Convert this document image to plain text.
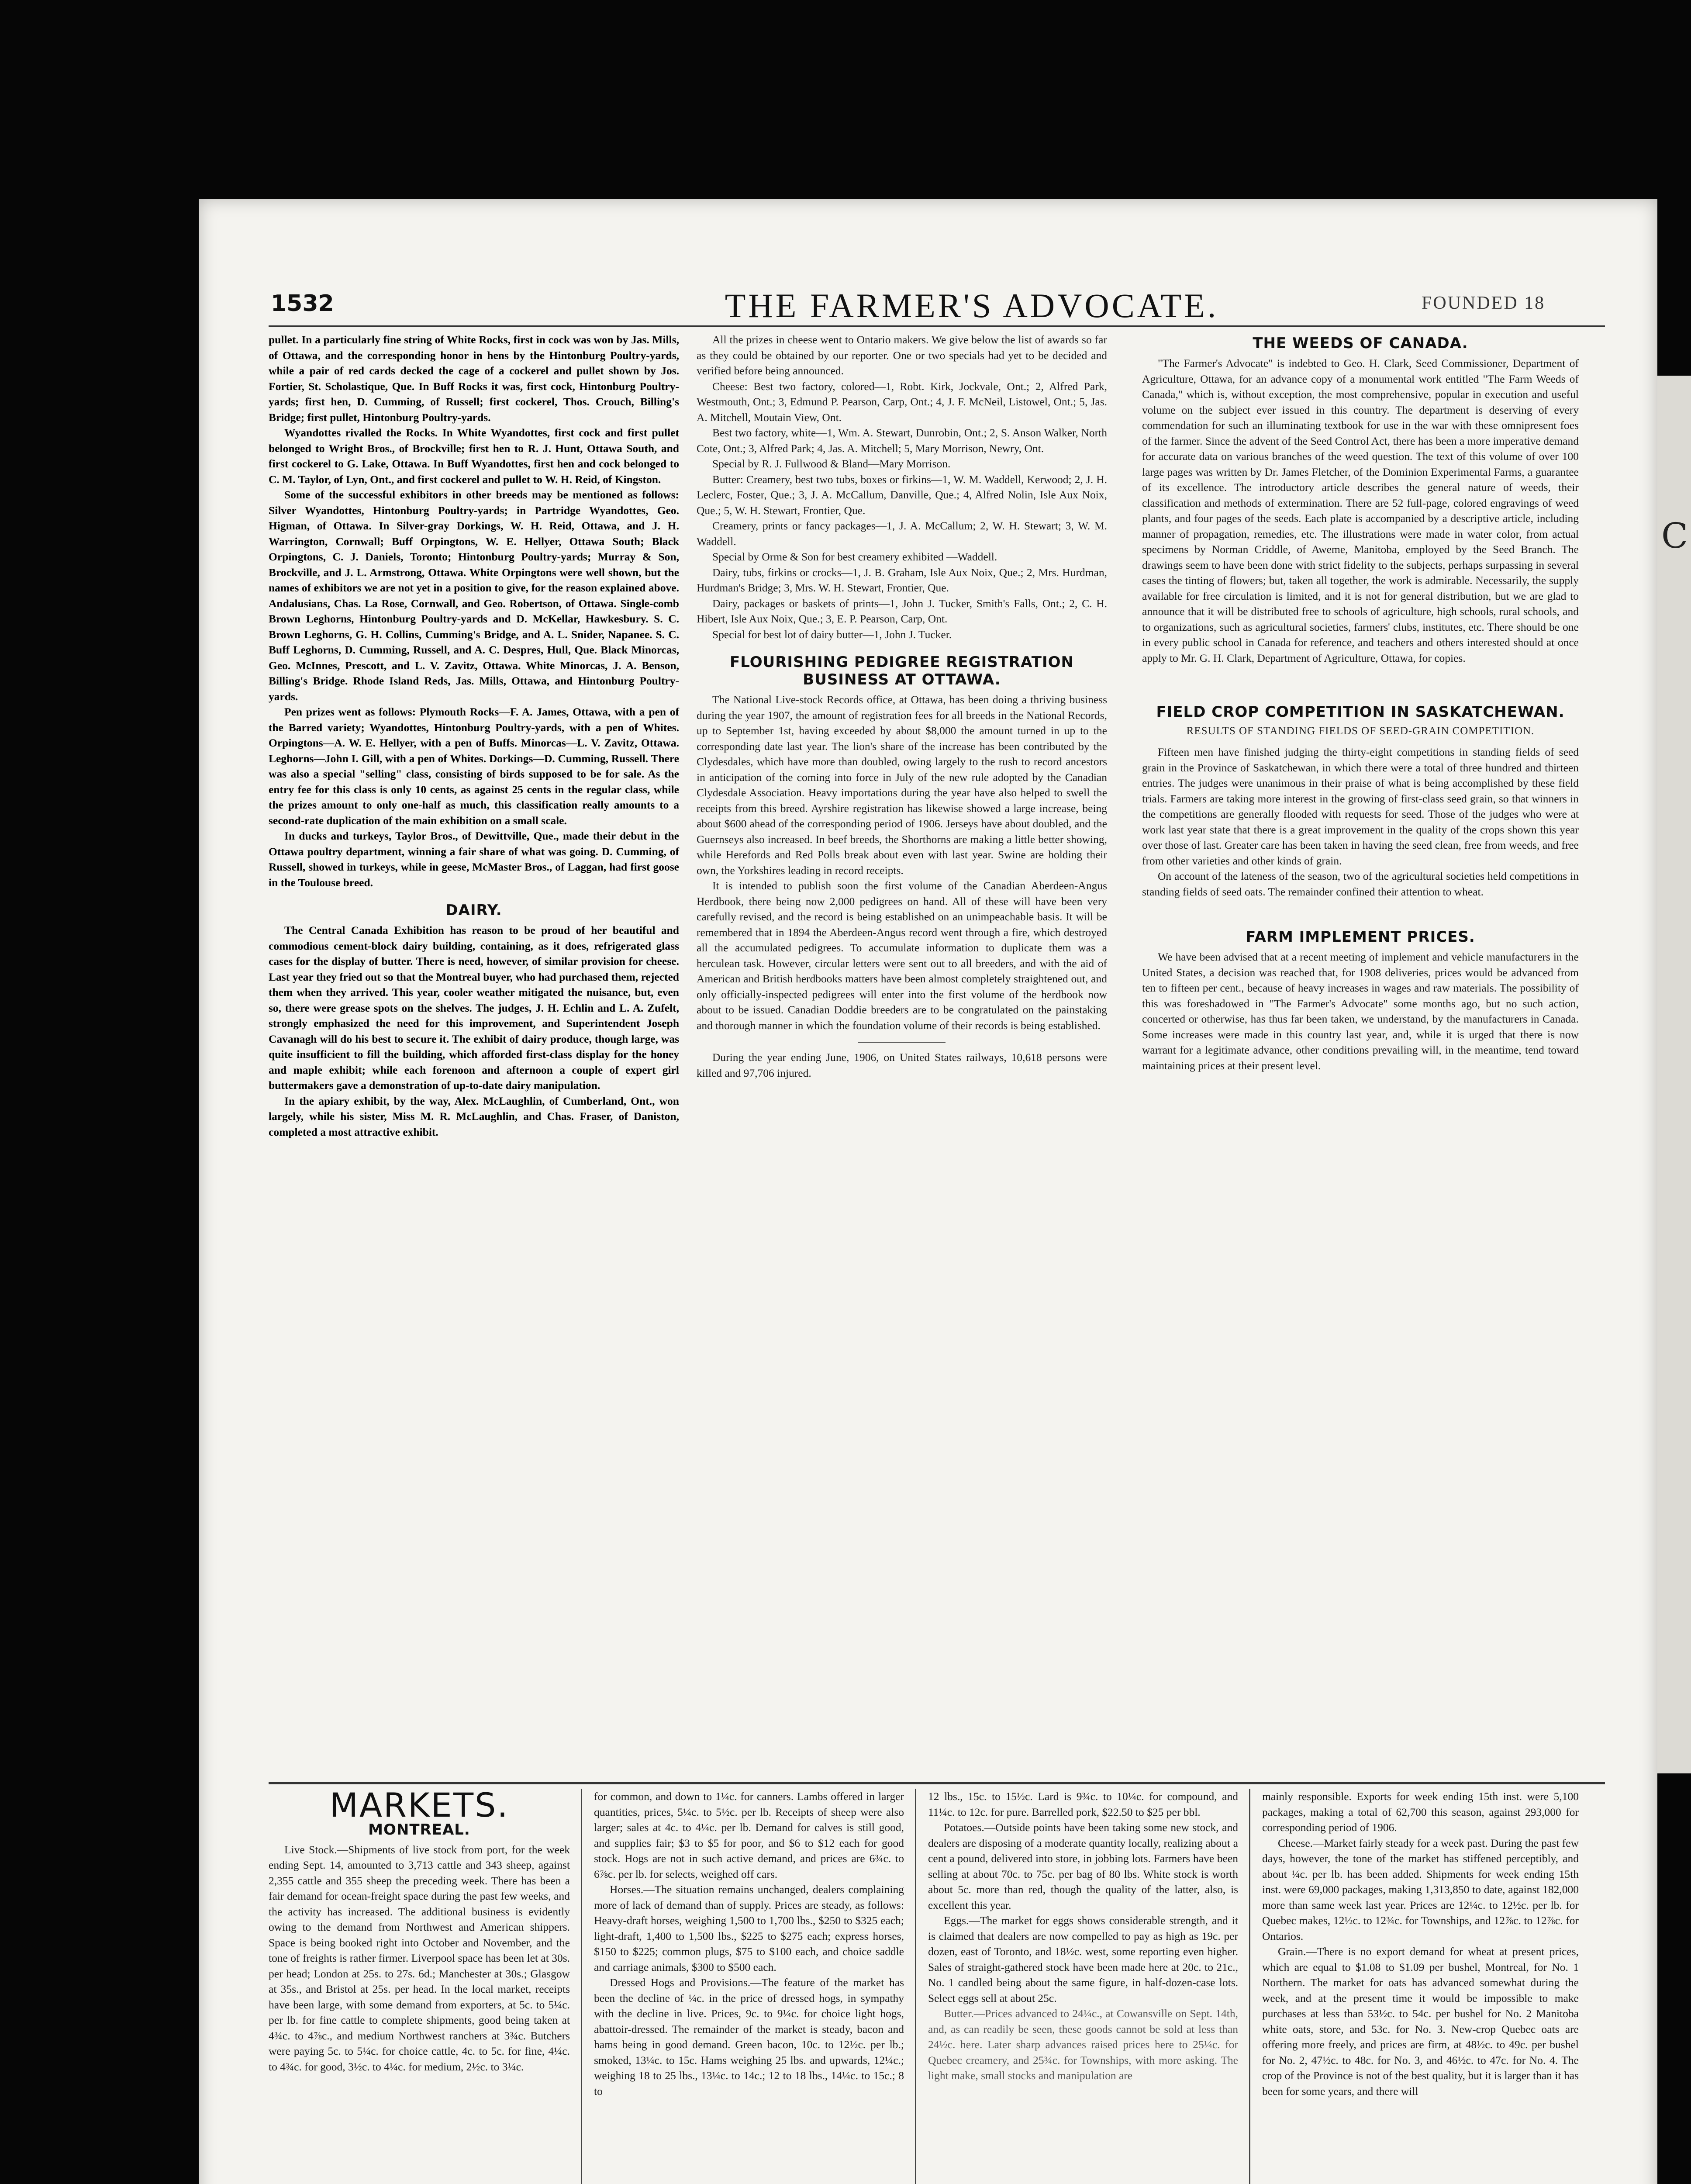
C
1532	THE FARMER'S ADVOCATE.	FOUNDED 18

pullet. In a particularly fine string of White Rocks, first in cock was won by Jas. Mills, of Ottawa, and the corresponding honor in hens by the Hintonburg Poultry-yards, while a pair of red cards decked the cage of a cockerel and pullet shown by Jos. Fortier, St. Scholastique, Que. In Buff Rocks it was, first cock, Hintonburg Poultry-yards; first hen, D. Cumming, of Russell; first cockerel, Thos. Crouch, Billing's Bridge; first pullet, Hintonburg Poultry-yards.

Wyandottes rivalled the Rocks. In White Wyandottes, first cock and first pullet belonged to Wright Bros., of Brockville; first hen to R. J. Hunt, Ottawa South, and first cockerel to G. Lake, Ottawa. In Buff Wyandottes, first hen and cock belonged to C. M. Taylor, of Lyn, Ont., and first cockerel and pullet to W. H. Reid, of Kingston.

Some of the successful exhibitors in other breeds may be mentioned as follows: Silver Wyandottes, Hintonburg Poultry-yards; in Partridge Wyandottes, Geo. Higman, of Ottawa. In Silver-gray Dorkings, W. H. Reid, Ottawa, and J. H. Warrington, Cornwall; Buff Orpingtons, W. E. Hellyer, Ottawa South; Black Orpingtons, C. J. Daniels, Toronto; Hintonburg Poultry-yards; Murray & Son, Brockville, and J. L. Armstrong, Ottawa. White Orpingtons were well shown, but the names of exhibitors we are not yet in a position to give, for the reason explained above. Andalusians, Chas. La Rose, Cornwall, and Geo. Robertson, of Ottawa. Single-comb Brown Leghorns, Hintonburg Poultry-yards and D. McKellar, Hawkesbury. S. C. Brown Leghorns, G. H. Collins, Cumming's Bridge, and A. L. Snider, Napanee. S. C. Buff Leghorns, D. Cumming, Russell, and A. C. Despres, Hull, Que. Black Minorcas, Geo. McInnes, Prescott, and L. V. Zavitz, Ottawa. White Minorcas, J. A. Benson, Billing's Bridge. Rhode Island Reds, Jas. Mills, Ottawa, and Hintonburg Poultry-yards.

Pen prizes went as follows: Plymouth Rocks—F. A. James, Ottawa, with a pen of the Barred variety; Wyandottes, Hintonburg Poultry-yards, with a pen of Whites. Orpingtons—A. W. E. Hellyer, with a pen of Buffs. Minorcas—L. V. Zavitz, Ottawa. Leghorns—John I. Gill, with a pen of Whites. Dorkings—D. Cumming, Russell. There was also a special "selling" class, consisting of birds supposed to be for sale. As the entry fee for this class is only 10 cents, as against 25 cents in the regular class, while the prizes amount to only one-half as much, this classification really amounts to a second-rate duplication of the main exhibition on a small scale.

In ducks and turkeys, Taylor Bros., of Dewittville, Que., made their debut in the Ottawa poultry department, winning a fair share of what was going. D. Cumming, of Russell, showed in turkeys, while in geese, McMaster Bros., of Laggan, had first goose in the Toulouse breed.

DAIRY.

The Central Canada Exhibition has reason to be proud of her beautiful and commodious cement-block dairy building, containing, as it does, refrigerated glass cases for the display of butter. There is need, however, of similar provision for cheese. Last year they fried out so that the Montreal buyer, who had purchased them, rejected them when they arrived. This year, cooler weather mitigated the nuisance, but, even so, there were grease spots on the shelves. The judges, J. H. Echlin and L. A. Zufelt, strongly emphasized the need for this improvement, and Superintendent Joseph Cavanagh will do his best to secure it. The exhibit of dairy produce, though large, was quite insufficient to fill the building, which afforded first-class display for the honey and maple exhibit; while each forenoon and afternoon a couple of expert girl buttermakers gave a demonstration of up-to-date dairy manipulation.

In the apiary exhibit, by the way, Alex. McLaughlin, of Cumberland, Ont., won largely, while his sister, Miss M. R. McLaughlin, and Chas. Fraser, of Daniston, completed a most attractive exhibit.

All the prizes in cheese went to Ontario makers. We give below the list of awards so far as they could be obtained by our reporter. One or two specials had yet to be decided and verified before being announced.

Cheese: Best two factory, colored—1, Robt. Kirk, Jockvale, Ont.; 2, Alfred Park, Westmouth, Ont.; 3, Edmund P. Pearson, Carp, Ont.; 4, J. F. McNeil, Listowel, Ont.; 5, Jas. A. Mitchell, Moutain View, Ont.

Best two factory, white—1, Wm. A. Stewart, Dunrobin, Ont.; 2, S. Anson Walker, North Cote, Ont.; 3, Alfred Park; 4, Jas. A. Mitchell; 5, Mary Morrison, Newry, Ont.

Special by R. J. Fullwood & Bland—Mary Morrison.

Butter: Creamery, best two tubs, boxes or firkins—1, W. M. Waddell, Kerwood; 2, J. H. Leclerc, Foster, Que.; 3, J. A. McCallum, Danville, Que.; 4, Alfred Nolin, Isle Aux Noix, Que.; 5, W. H. Stewart, Frontier, Que.

Creamery, prints or fancy packages—1, J. A. McCallum; 2, W. H. Stewart; 3, W. M. Waddell.

Special by Orme & Son for best creamery exhibited —Waddell.

Dairy, tubs, firkins or crocks—1, J. B. Graham, Isle Aux Noix, Que.; 2, Mrs. Hurdman, Hurdman's Bridge; 3, Mrs. W. H. Stewart, Frontier, Que.

Dairy, packages or baskets of prints—1, John J. Tucker, Smith's Falls, Ont.; 2, C. H. Hibert, Isle Aux Noix, Que.; 3, E. P. Pearson, Carp, Ont.

Special for best lot of dairy butter—1, John J. Tucker.

FLOURISHING PEDIGREE REGISTRATION BUSINESS AT OTTAWA.

The National Live-stock Records office, at Ottawa, has been doing a thriving business during the year 1907, the amount of registration fees for all breeds in the National Records, up to September 1st, having exceeded by about $8,000 the amount turned in up to the corresponding date last year. The lion's share of the increase has been contributed by the Clydesdales, which have more than doubled, owing largely to the rush to record ancestors in anticipation of the coming into force in July of the new rule adopted by the Canadian Clydesdale Association. Heavy importations during the year have also helped to swell the receipts from this breed. Ayrshire registration has likewise showed a large increase, being about $600 ahead of the corresponding period of 1906. Jerseys have about doubled, and the Guernseys also increased. In beef breeds, the Shorthorns are making a little better showing, while Herefords and Red Polls break about even with last year. Swine are holding their own, the Yorkshires leading in record receipts.

It is intended to publish soon the first volume of the Canadian Aberdeen-Angus Herdbook, there being now 2,000 pedigrees on hand. All of these will have been very carefully revised, and the record is being established on an unimpeachable basis. It will be remembered that in 1894 the Aberdeen-Angus record went through a fire, which destroyed all the accumulated pedigrees. To accumulate information to duplicate them was a herculean task. However, circular letters were sent out to all breeders, and with the aid of American and British herdbooks matters have been almost completely straightened out, and only officially-inspected pedigrees will enter into the first volume of the herdbook now about to be issued. Canadian Doddie breeders are to be congratulated on the painstaking and thorough manner in which the foundation volume of their records is being established.

During the year ending June, 1906, on United States railways, 10,618 persons were killed and 97,706 injured.

THE WEEDS OF CANADA.

"The Farmer's Advocate" is indebted to Geo. H. Clark, Seed Commissioner, Department of Agriculture, Ottawa, for an advance copy of a monumental work entitled "The Farm Weeds of Canada," which is, without exception, the most comprehensive, popular in execution and useful volume on the subject ever issued in this country. The department is deserving of every commendation for such an illuminating textbook for use in the war with these omnipresent foes of the farmer. Since the advent of the Seed Control Act, there has been a more imperative demand for accurate data on various branches of the weed question. The text of this volume of over 100 large pages was written by Dr. James Fletcher, of the Dominion Experimental Farms, a guarantee of its excellence. The introductory article describes the general nature of weeds, their classification and methods of extermination. There are 52 full-page, colored engravings of weed plants, and four pages of the seeds. Each plate is accompanied by a descriptive article, including manner of propagation, remedies, etc. The illustrations were made in water color, from actual specimens by Norman Criddle, of Aweme, Manitoba, employed by the Seed Branch. The drawings seem to have been done with strict fidelity to the subjects, perhaps surpassing in several cases the tinting of flowers; but, taken all together, the work is admirable. Necessarily, the supply available for free circulation is limited, and it is not for general distribution, but we are glad to announce that it will be distributed free to schools of agriculture, high schools, rural schools, and to organizations, such as agricultural societies, farmers' clubs, institutes, etc. There should be one in every public school in Canada for reference, and teachers and others interested should at once apply to Mr. G. H. Clark, Department of Agriculture, Ottawa, for copies.

FIELD CROP COMPETITION IN SASKATCHEWAN.
RESULTS OF STANDING FIELDS OF SEED-GRAIN COMPETITION.

Fifteen men have finished judging the thirty-eight competitions in standing fields of seed grain in the Province of Saskatchewan, in which there were a total of three hundred and thirteen entries. The judges were unanimous in their praise of what is being accomplished by these field trials. Farmers are taking more interest in the growing of first-class seed grain, so that winners in the competitions are generally flooded with requests for seed. Those of the judges who were at work last year state that there is a great improvement in the quality of the crops shown this year over those of last. Greater care has been taken in having the seed clean, free from weeds, and free from other varieties and other kinds of grain.

On account of the lateness of the season, two of the agricultural societies held competitions in standing fields of seed oats. The remainder confined their attention to wheat.

FARM IMPLEMENT PRICES.

We have been advised that at a recent meeting of implement and vehicle manufacturers in the United States, a decision was reached that, for 1908 deliveries, prices would be advanced from ten to fifteen per cent., because of heavy increases in wages and raw materials. The possibility of this was foreshadowed in "The Farmer's Advocate" some months ago, but no such action, concerted or otherwise, has thus far been taken, we understand, by the manufacturers in Canada. Some increases were made in this country last year, and, while it is urged that there is now warrant for a legitimate advance, other conditions prevailing will, in the meantime, tend toward maintaining prices at their present level.

MARKETS.
MONTREAL.

Live Stock.—Shipments of live stock from port, for the week ending Sept. 14, amounted to 3,713 cattle and 343 sheep, against 2,355 cattle and 355 sheep the preceding week. There has been a fair demand for ocean-freight space during the past few weeks, and the activity has increased. The additional business is evidently owing to the demand from Northwest and American shippers. Space is being booked right into October and November, and the tone of freights is rather firmer. Liverpool space has been let at 30s. per head; London at 25s. to 27s. 6d.; Manchester at 30s.; Glasgow at 35s., and Bristol at 25s. per head. In the local market, receipts have been large, with some demand from exporters, at 5c. to 5¼c. per lb. for fine cattle to complete shipments, good being taken at 4¾c. to 4⅞c., and medium Northwest ranchers at 3¾c. Butchers were paying 5c. to 5¼c. for choice cattle, 4c. to 5c. for fine, 4¼c. to 4¾c. for good, 3½c. to 4¼c. for medium, 2½c. to 3¼c.

for common, and down to 1¼c. for canners. Lambs offered in larger quantities, prices, 5¼c. to 5½c. per lb. Receipts of sheep were also larger; sales at 4c. to 4¼c. per lb. Demand for calves is still good, and supplies fair; $3 to $5 for poor, and $6 to $12 each for good stock. Hogs are not in such active demand, and prices are 6¾c. to 6⅞c. per lb. for selects, weighed off cars.

Horses.—The situation remains unchanged, dealers complaining more of lack of demand than of supply. Prices are steady, as follows: Heavy-draft horses, weighing 1,500 to 1,700 lbs., $250 to $325 each; light-draft, 1,400 to 1,500 lbs., $225 to $275 each; express horses, $150 to $225; common plugs, $75 to $100 each, and choice saddle and carriage animals, $300 to $500 each.

Dressed Hogs and Provisions.—The feature of the market has been the decline of ¼c. in the price of dressed hogs, in sympathy with the decline in live. Prices, 9c. to 9¼c. for choice light hogs, abattoir-dressed. The remainder of the market is steady, bacon and hams being in good demand. Green bacon, 10c. to 12½c. per lb.; smoked, 13¼c. to 15c. Hams weighing 25 lbs. and upwards, 12¼c.; weighing 18 to 25 lbs., 13¼c. to 14c.; 12 to 18 lbs., 14¼c. to 15c.; 8 to

12 lbs., 15c. to 15½c. Lard is 9¾c. to 10¼c. for compound, and 11¼c. to 12c. for pure. Barrelled pork, $22.50 to $25 per bbl.

Potatoes.—Outside points have been taking some new stock, and dealers are disposing of a moderate quantity locally, realizing about a cent a pound, delivered into store, in jobbing lots. Farmers have been selling at about 70c. to 75c. per bag of 80 lbs. White stock is worth about 5c. more than red, though the quality of the latter, also, is excellent this year.

Eggs.—The market for eggs shows considerable strength, and it is claimed that dealers are now compelled to pay as high as 19c. per dozen, east of Toronto, and 18½c. west, some reporting even higher. Sales of straight-gathered stock have been made here at 20c. to 21c., No. 1 candled being about the same figure, in half-dozen-case lots. Select eggs sell at about 25c.

Butter.—Prices advanced to 24¼c., at Cowansville on Sept. 14th, and, as can readily be seen, these goods cannot be sold at less than 24½c. here. Later sharp advances raised prices here to 25¼c. for Quebec creamery, and 25¾c. for Townships, with more asking. The light make, small stocks and manipulation are

mainly responsible. Exports for week ending 15th inst. were 5,100 packages, making a total of 62,700 this season, against 293,000 for corresponding period of 1906.

Cheese.—Market fairly steady for a week past. During the past few days, however, the tone of the market has stiffened perceptibly, and about ¼c. per lb. has been added. Shipments for week ending 15th inst. were 69,000 packages, making 1,313,850 to date, against 182,000 more than same week last year. Prices are 12¼c. to 12½c. per lb. for Quebec makes, 12½c. to 12¾c. for Townships, and 12⅞c. to 12⅞c. for Ontarios.

Grain.—There is no export demand for wheat at present prices, which are equal to $1.08 to $1.09 per bushel, Montreal, for No. 1 Northern. The market for oats has advanced somewhat during the week, and at the present time it would be impossible to make purchases at less than 53½c. to 54c. per bushel for No. 2 Manitoba white oats, store, and 53c. for No. 3. New-crop Quebec oats are offering more freely, and prices are firm, at 48½c. to 49c. per bushel for No. 2, 47½c. to 48c. for No. 3, and 46½c. to 47c. for No. 4. The crop of the Province is not of the best quality, but it is larger than it has been for some years, and there will
